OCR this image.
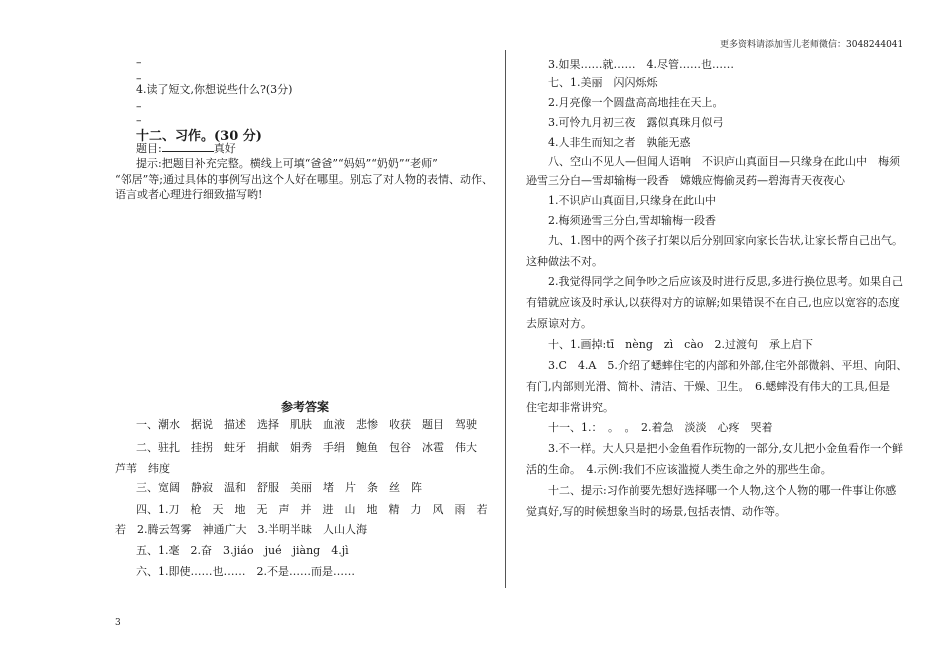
更多资料请添加雪儿老师微信：3048244041
3
–
–
4.读了短文,你想说些什么?(3分)
–
–
十二、习作。(30 分)
题目:	真好
提示:把题目补充完整。横线上可填“爸爸”“妈妈”“奶奶”“老师”
“邻居”等;通过具体的事例写出这个人好在哪里。别忘了对人物的表情、动作、
语言或者心理进行细致描写哟!
参考答案
一、潮水　据说　描述　选择　肌肤　血液　悲惨　收获　题目　驾驶
二、驻扎　挂拐　蛀牙　捐献　娟秀　手绢　鲍鱼　包谷　冰雹　伟大
芦苇　纬度
三、宽阔　静寂　温和　舒服　美丽　堵　片　条　丝　阵
四、1.刀　枪　天　地　无　声　并　进　山　地　精　力　风　雨　若
若　2.腾云驾雾　神通广大　3.半明半昧　人山人海
五、1.毫　2.奋　3.jiáo　jué　jiàng　4.jì
六、1.即使……也……　2.不是……而是……
3.如果……就……　4.尽管……也……
七、1.美丽　闪闪烁烁
2.月亮像一个圆盘高高地挂在天上。
3.可怜九月初三夜　露似真珠月似弓
4.人非生而知之者　孰能无惑
八、空山不见人—但闻人语响　不识庐山真面目—只缘身在此山中　梅须
逊雪三分白—雪却输梅一段香　嫦娥应悔偷灵药—碧海青天夜夜心
1.不识庐山真面目,只缘身在此山中
2.梅须逊雪三分白,雪却输梅一段香
九、1.图中的两个孩子打架以后分别回家向家长告状,让家长帮自己出气。
这种做法不对。
2.我觉得同学之间争吵之后应该及时进行反思,多进行换位思考。如果自己
有错就应该及时承认,以获得对方的谅解;如果错误不在自己,也应以宽容的态度
去原谅对方。
十、1.画掉:tī　nèng　zì　cào　2.过渡句　承上启下
3.C　4.A　5.介绍了蟋蟀住宅的内部和外部,住宅外部微斜、平坦、向阳、
有门,内部则光滑、简朴、清洁、干燥、卫生。　6.蟋蟀没有伟大的工具,但是
住宅却非常讲究。
十一、1.：　。　。　2.着急　淡淡　心疼　哭着
3.不一样。大人只是把小金鱼看作玩物的一部分,女儿把小金鱼看作一个鲜
活的生命。　4.示例:我们不应该滥搅人类生命之外的那些生命。
十二、提示:习作前要先想好选择哪一个人物,这个人物的哪一件事让你感
觉真好,写的时候想象当时的场景,包括表情、动作等。
